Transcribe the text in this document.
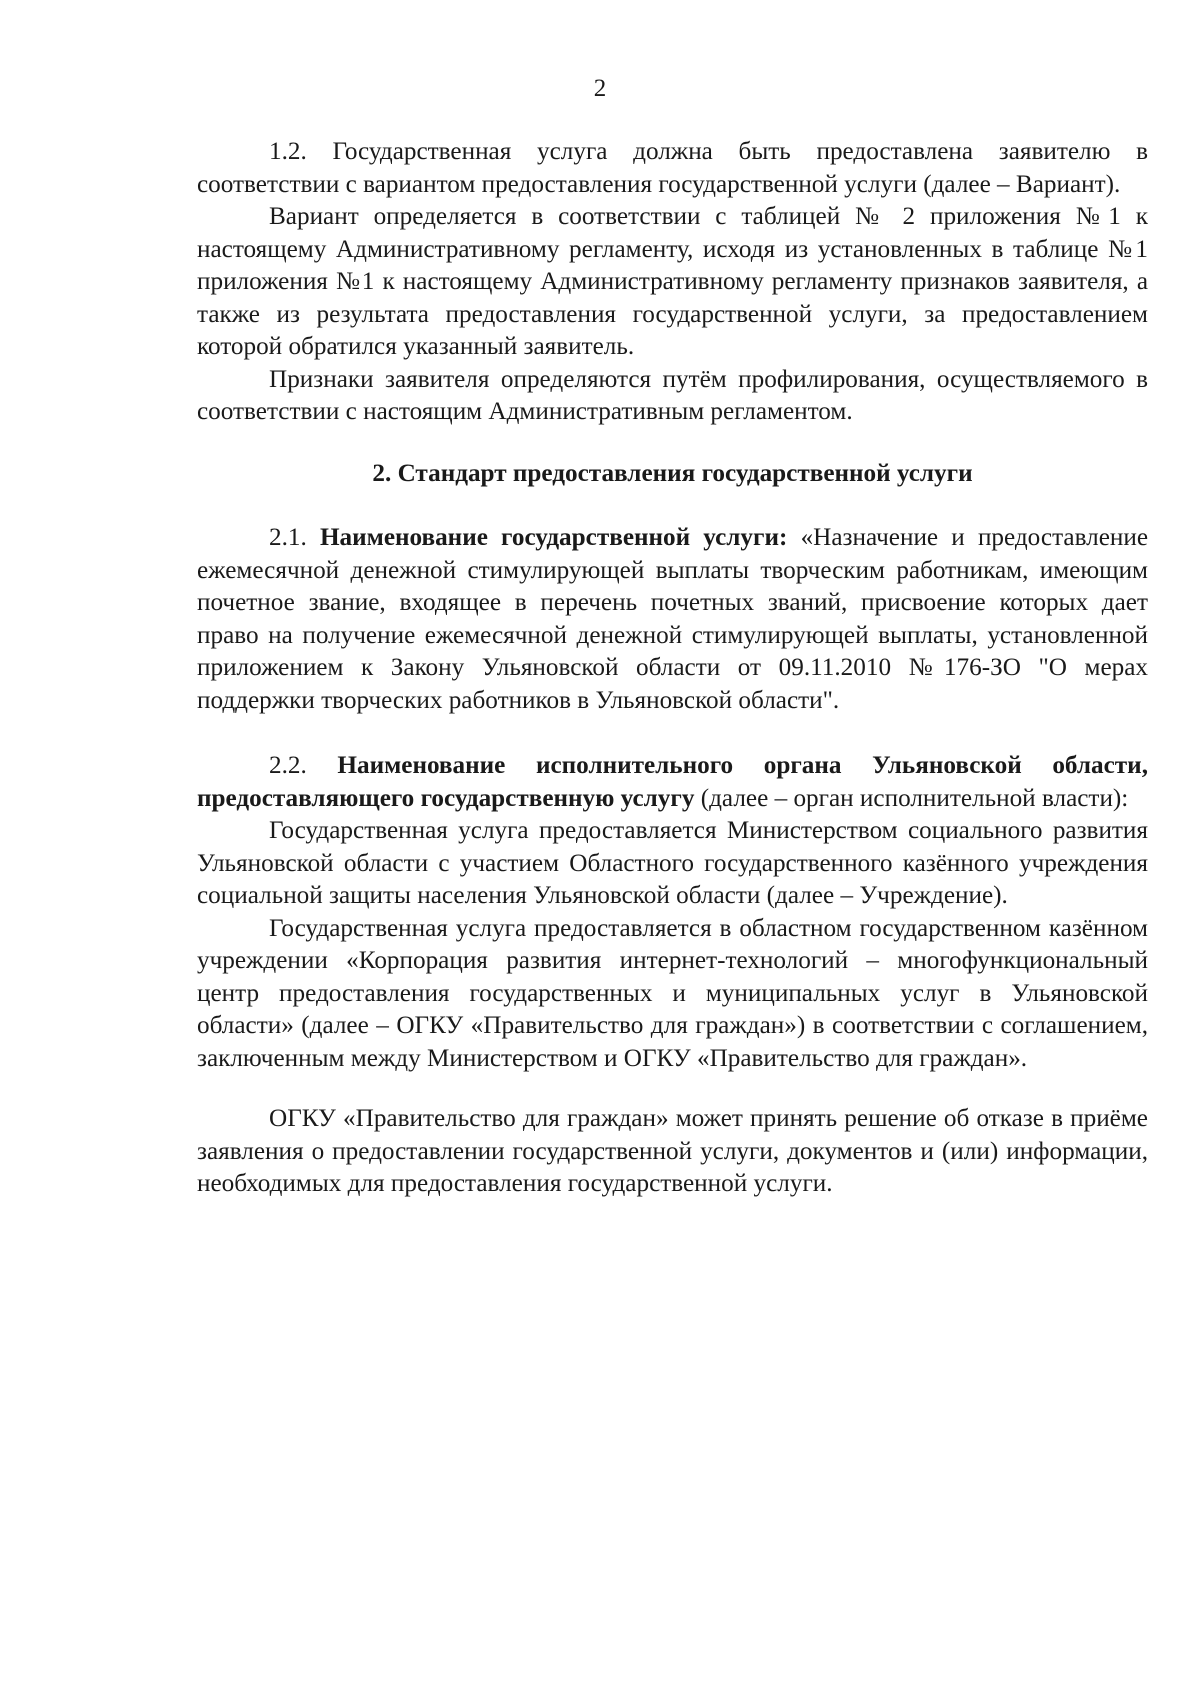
2

1.2. Государственная услуга должна быть предоставлена заявителю в соответствии с вариантом предоставления государственной услуги (далее – Вариант).

Вариант определяется в соответствии с таблицей № 2 приложения №1 к настоящему Административному регламенту, исходя из установленных в таблице №1 приложения №1 к настоящему Административному регламенту признаков заявителя, а также из результата предоставления государственной услуги, за предоставлением которой обратился указанный заявитель.

Признаки заявителя определяются путём профилирования, осуществляемого в соответствии с настоящим Административным регламентом.

2. Стандарт предоставления государственной услуги

2.1. Наименование государственной услуги: «Назначение и предоставление ежемесячной денежной стимулирующей выплаты творческим работникам, имеющим почетное звание, входящее в перечень почетных званий, присвоение которых дает право на получение ежемесячной денежной стимулирующей выплаты, установленной приложением к Закону Ульяновской области от 09.11.2010 №176-ЗО "О мерах поддержки творческих работников в Ульяновской области".

2.2. Наименование исполнительного органа Ульяновской области, предоставляющего государственную услугу (далее – орган исполнительной власти):

Государственная услуга предоставляется Министерством социального развития Ульяновской области с участием Областного государственного казённого учреждения социальной защиты населения Ульяновской области (далее – Учреждение).

Государственная услуга предоставляется в областном государственном казённом учреждении «Корпорация развития интернет-технологий – многофункциональный центр предоставления государственных и муниципальных услуг в Ульяновской области» (далее – ОГКУ «Правительство для граждан») в соответствии с соглашением, заключенным между Министерством и ОГКУ «Правительство для граждан».

ОГКУ «Правительство для граждан» может принять решение об отказе в приёме заявления о предоставлении государственной услуги, документов и (или) информации, необходимых для предоставления государственной услуги.
